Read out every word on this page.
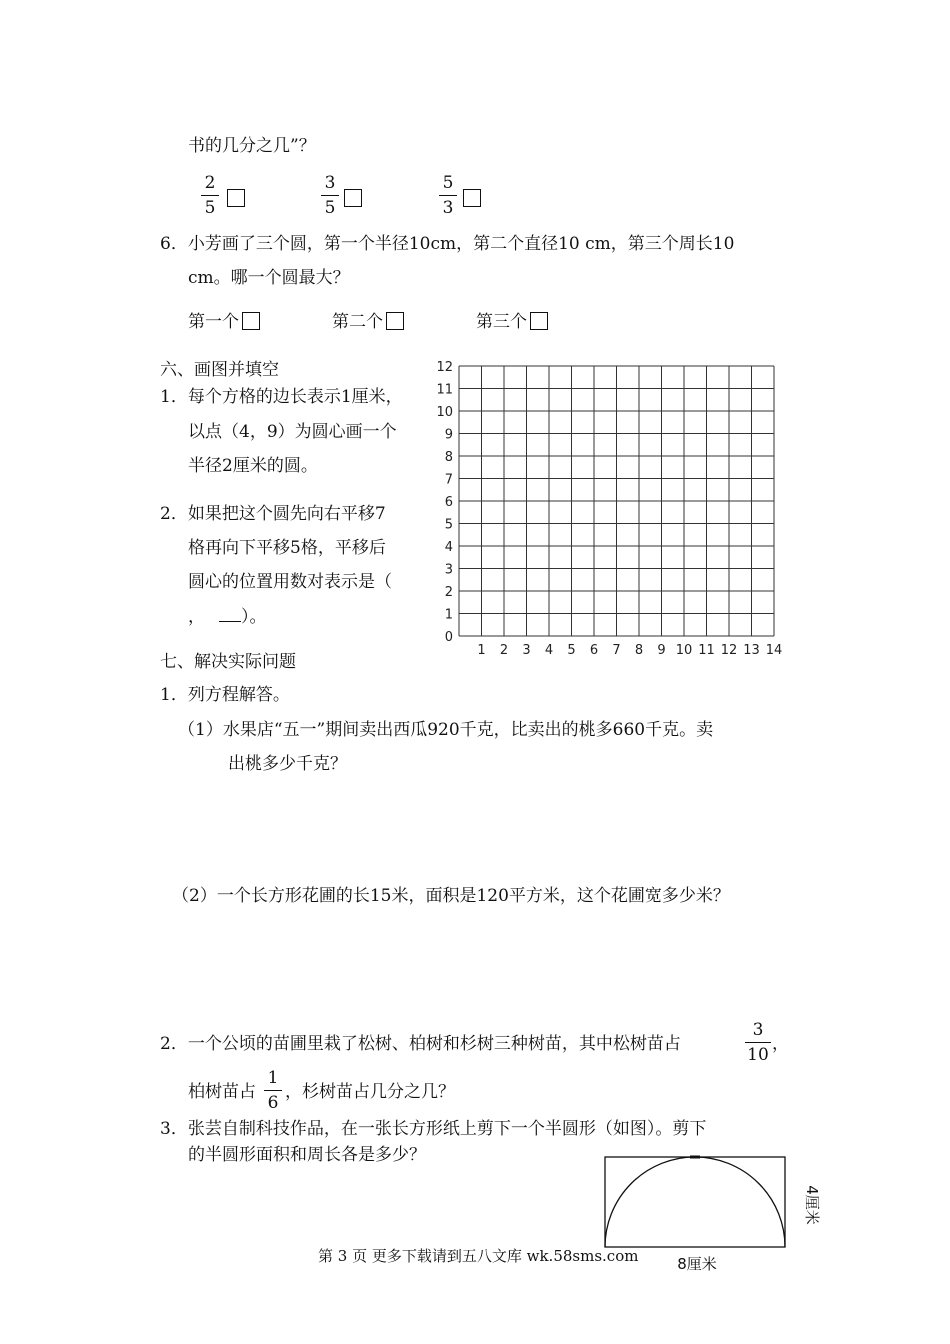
书的几分之几”？
2
5
3
5
5
3
6．小芳画了三个圆，第一个半径10cm，第二个直径10 cm，第三个周长10
cm。哪一个圆最大？
第一个	第二个	第三个
六、画图并填空
1．每个方格的边长表示1厘米，
以点（4，9）为圆心画一个
半径2厘米的圆。
2．如果把这个圆先向右平移7
格再向下平移5格，平移后
圆心的位置用数对表示是（
， ）。
0
1
2
3
4
5
6
7
8
9
10
11
12
1 2 3 4 5 6 7 8 9 10 11 12 13 14
七、解决实际问题
1．列方程解答。
（1）水果店“五一”期间卖出西瓜920千克，比卖出的桃多660千克。卖
出桃多少千克？
（2）一个长方形花圃的长15米，面积是120平方米，这个花圃宽多少米？
2．一个公顷的苗圃里栽了松树、柏树和杉树三种树苗，其中松树苗占
3
10
，
柏树苗占
1
6
，杉树苗占几分之几？
3．张芸自制科技作品，在一张长方形纸上剪下一个半圆形（如图）。剪下
的半圆形面积和周长各是多少？
4厘米
8厘米
第 3 页 更多下载请到五八文库 wk.58sms.com
